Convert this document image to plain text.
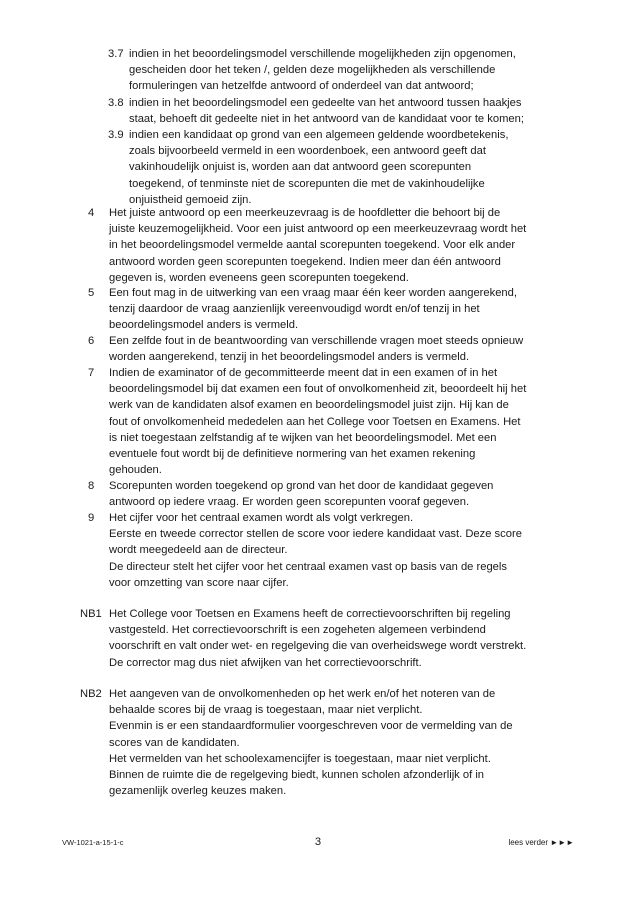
3.7 indien in het beoordelingsmodel verschillende mogelijkheden zijn opgenomen,
gescheiden door het teken /, gelden deze mogelijkheden als verschillende
formuleringen van hetzelfde antwoord of onderdeel van dat antwoord;
3.8 indien in het beoordelingsmodel een gedeelte van het antwoord tussen haakjes
staat, behoeft dit gedeelte niet in het antwoord van de kandidaat voor te komen;
3.9 indien een kandidaat op grond van een algemeen geldende woordbetekenis,
zoals bijvoorbeeld vermeld in een woordenboek, een antwoord geeft dat
vakinhoudelijk onjuist is, worden aan dat antwoord geen scorepunten
toegekend, of tenminste niet de scorepunten die met de vakinhoudelijke
onjuistheid gemoeid zijn.
4 Het juiste antwoord op een meerkeuzevraag is de hoofdletter die behoort bij de
juiste keuzemogelijkheid. Voor een juist antwoord op een meerkeuzevraag wordt het
in het beoordelingsmodel vermelde aantal scorepunten toegekend. Voor elk ander
antwoord worden geen scorepunten toegekend. Indien meer dan één antwoord
gegeven is, worden eveneens geen scorepunten toegekend.
5 Een fout mag in de uitwerking van een vraag maar één keer worden aangerekend,
tenzij daardoor de vraag aanzienlijk vereenvoudigd wordt en/of tenzij in het
beoordelingsmodel anders is vermeld.
6 Een zelfde fout in de beantwoording van verschillende vragen moet steeds opnieuw
worden aangerekend, tenzij in het beoordelingsmodel anders is vermeld.
7 Indien de examinator of de gecommitteerde meent dat in een examen of in het
beoordelingsmodel bij dat examen een fout of onvolkomenheid zit, beoordeelt hij het
werk van de kandidaten alsof examen en beoordelingsmodel juist zijn. Hij kan de
fout of onvolkomenheid mededelen aan het College voor Toetsen en Examens. Het
is niet toegestaan zelfstandig af te wijken van het beoordelingsmodel. Met een
eventuele fout wordt bij de definitieve normering van het examen rekening
gehouden.
8 Scorepunten worden toegekend op grond van het door de kandidaat gegeven
antwoord op iedere vraag. Er worden geen scorepunten vooraf gegeven.
9 Het cijfer voor het centraal examen wordt als volgt verkregen.
Eerste en tweede corrector stellen de score voor iedere kandidaat vast. Deze score
wordt meegedeeld aan de directeur.
De directeur stelt het cijfer voor het centraal examen vast op basis van de regels
voor omzetting van score naar cijfer.
NB1 Het College voor Toetsen en Examens heeft de correctievoorschriften bij regeling
vastgesteld. Het correctievoorschrift is een zogeheten algemeen verbindend
voorschrift en valt onder wet- en regelgeving die van overheidswege wordt verstrekt.
De corrector mag dus niet afwijken van het correctievoorschrift.
NB2 Het aangeven van de onvolkomenheden op het werk en/of het noteren van de
behaalde scores bij de vraag is toegestaan, maar niet verplicht.
Evenmin is er een standaardformulier voorgeschreven voor de vermelding van de
scores van de kandidaten.
Het vermelden van het schoolexamencijfer is toegestaan, maar niet verplicht.
Binnen de ruimte die de regelgeving biedt, kunnen scholen afzonderlijk of in
gezamenlijk overleg keuzes maken.
VW-1021-a-15-1-c	3	lees verder ►►►
